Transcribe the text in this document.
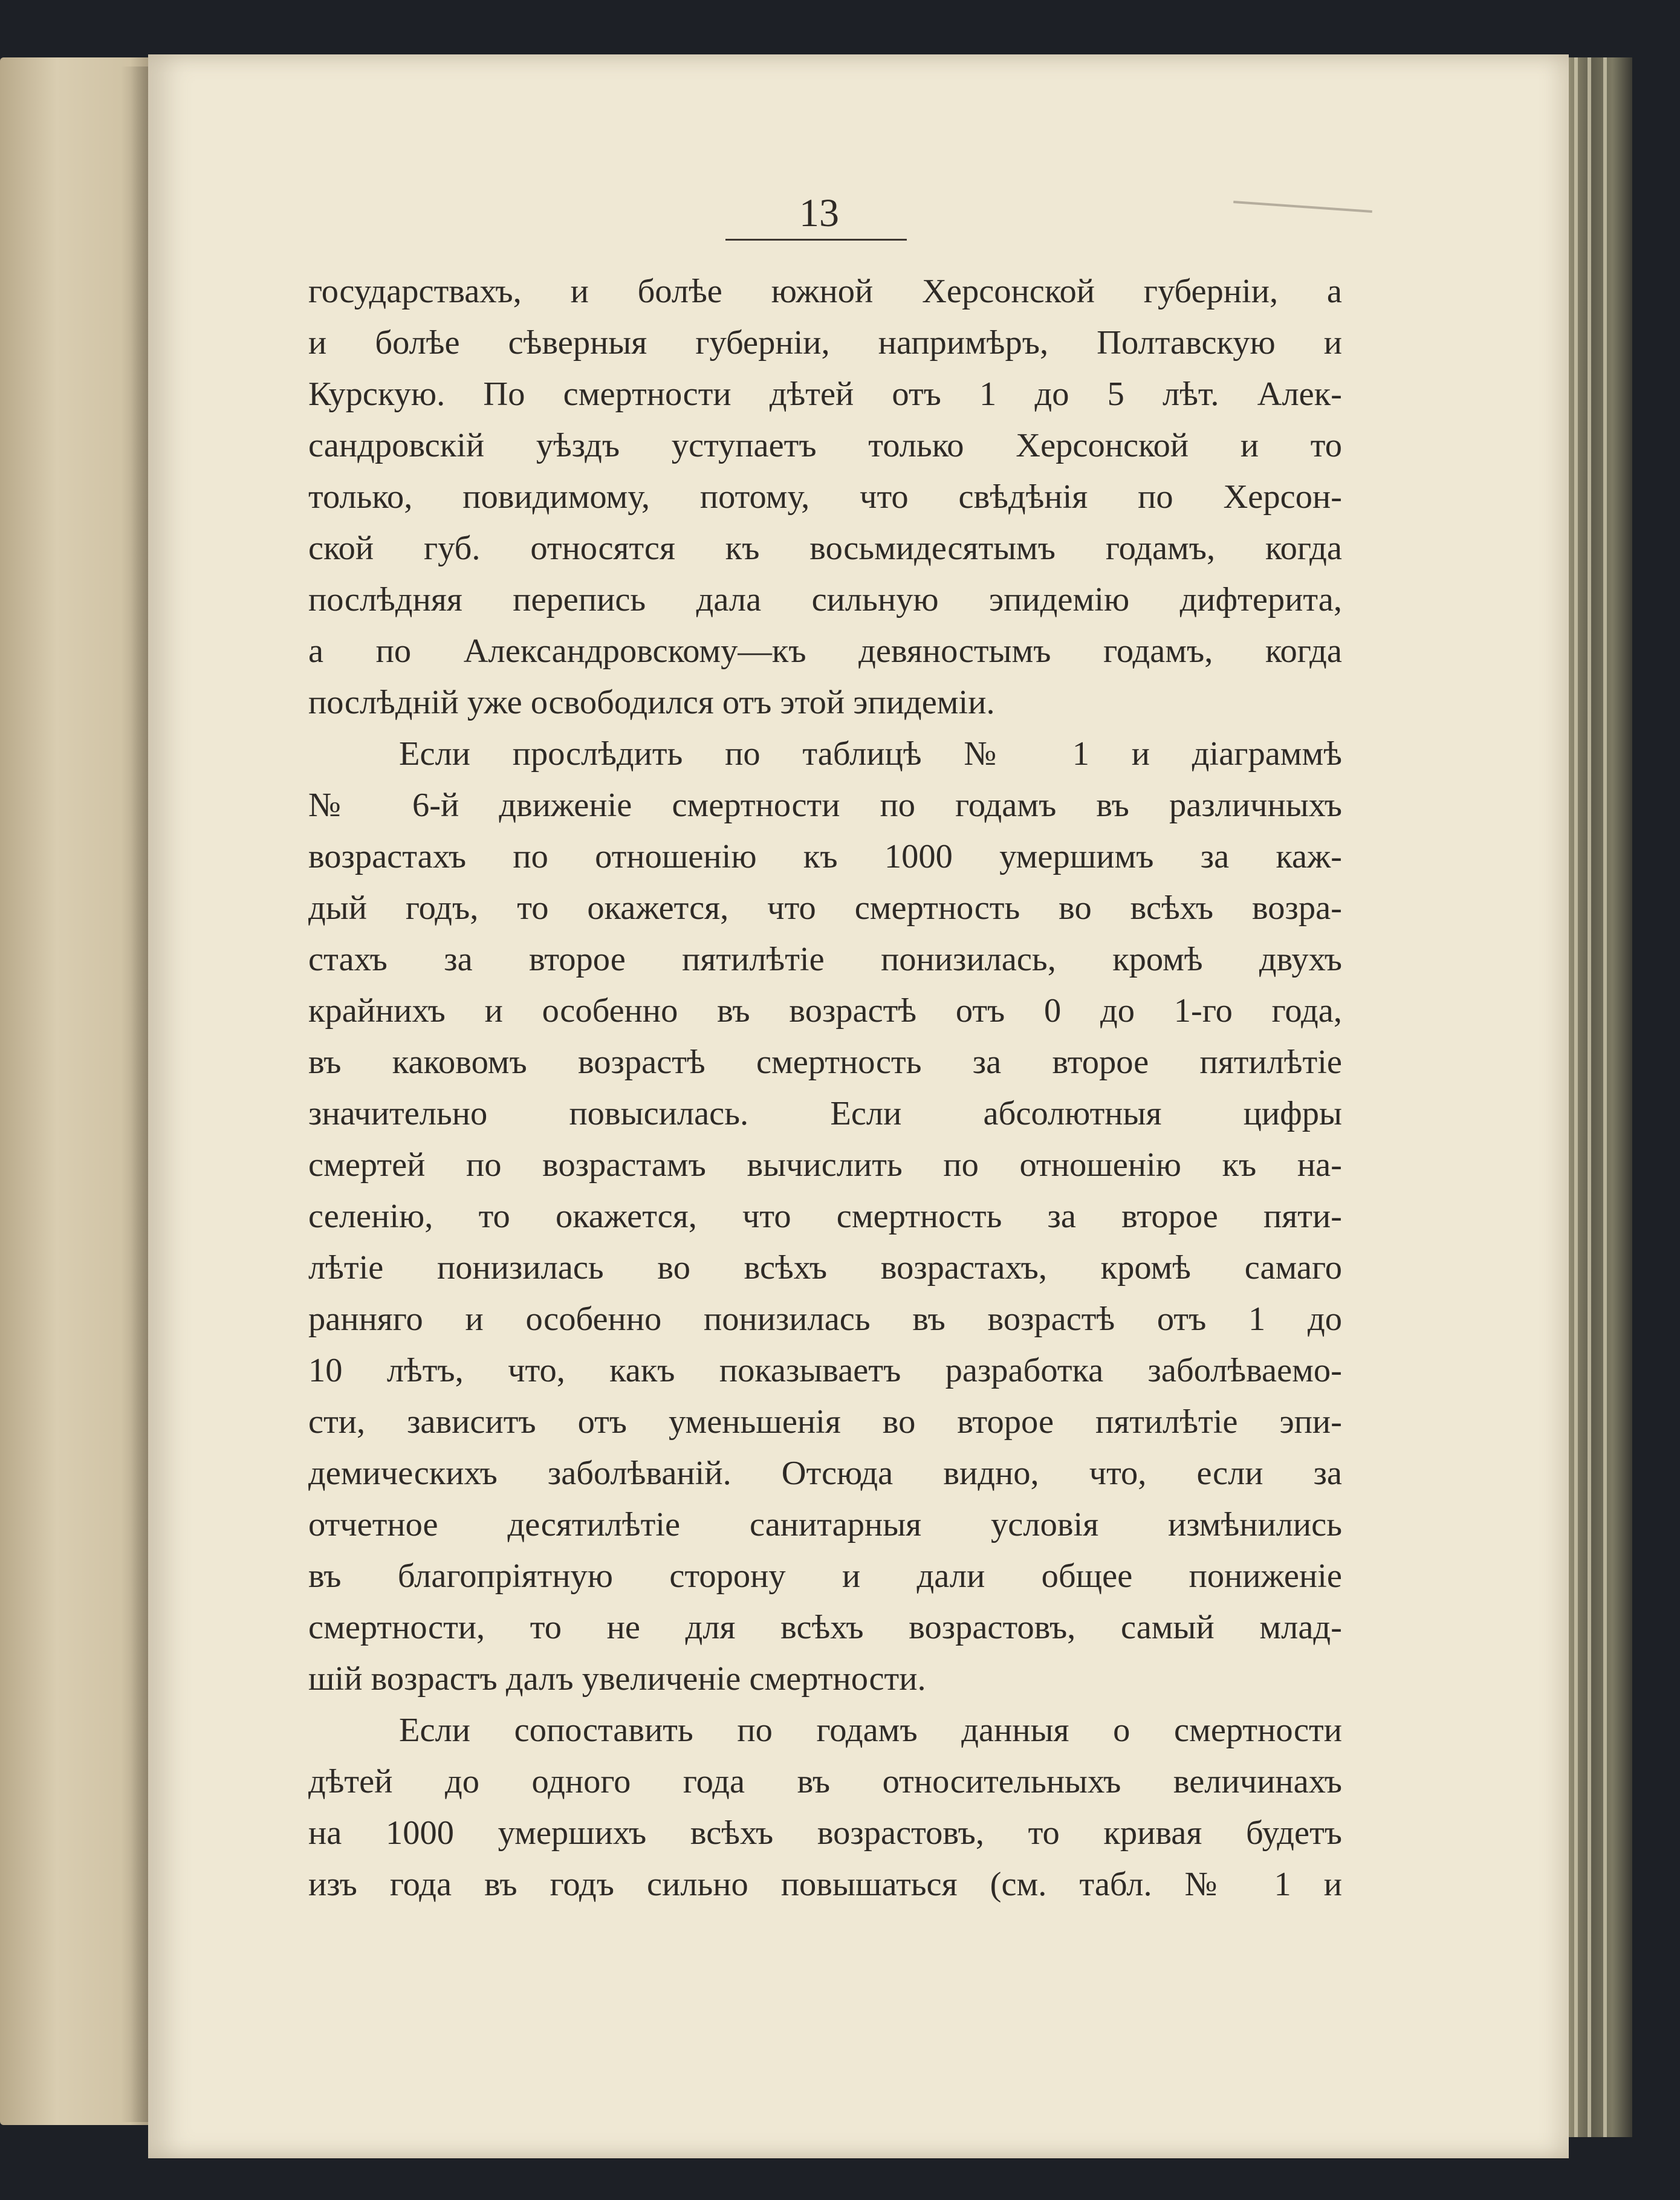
13
государствахъ, и болѣе южной Херсонской губерніи, а
и болѣе сѣверныя губерніи, напримѣръ, Полтавскую и
Курскую. По смертности дѣтей отъ 1 до 5 лѣт. Алек-
сандровскій уѣздъ уступаетъ только Херсонской и то
только, повидимому, потому, что свѣдѣнія по Херсон-
ской губ. относятся къ восьмидесятымъ годамъ, когда
послѣдняя перепись дала сильную эпидемію дифтерита,
а по Александровскому—къ девяностымъ годамъ, когда
послѣдній уже освободился отъ этой эпидеміи.
Если прослѣдить по таблицѣ № 1 и діаграммѣ
№ 6-й движеніе смертности по годамъ въ различныхъ
возрастахъ по отношенію къ 1000 умершимъ за каж-
дый годъ, то окажется, что смертность во всѣхъ возра-
стахъ за второе пятилѣтіе понизилась, кромѣ двухъ
крайнихъ и особенно въ возрастѣ отъ 0 до 1-го года,
въ каковомъ возрастѣ смертность за второе пятилѣтіе
значительно повысилась. Если абсолютныя цифры
смертей по возрастамъ вычислить по отношенію къ на-
селенію, то окажется, что смертность за второе пяти-
лѣтіе понизилась во всѣхъ возрастахъ, кромѣ самаго
ранняго и особенно понизилась въ возрастѣ отъ 1 до
10 лѣтъ, что, какъ показываетъ разработка заболѣваемо-
сти, зависитъ отъ уменьшенія во второе пятилѣтіе эпи-
демическихъ заболѣваній. Отсюда видно, что, если за
отчетное десятилѣтіе санитарныя условія измѣнились
въ благопріятную сторону и дали общее пониженіе
смертности, то не для всѣхъ возрастовъ, самый млад-
шій возрастъ далъ увеличеніе смертности.
Если сопоставить по годамъ данныя о смертности
дѣтей до одного года въ относительныхъ величинахъ
на 1000 умершихъ всѣхъ возрастовъ, то кривая будетъ
изъ года въ годъ сильно повышаться (см. табл. № 1 и
